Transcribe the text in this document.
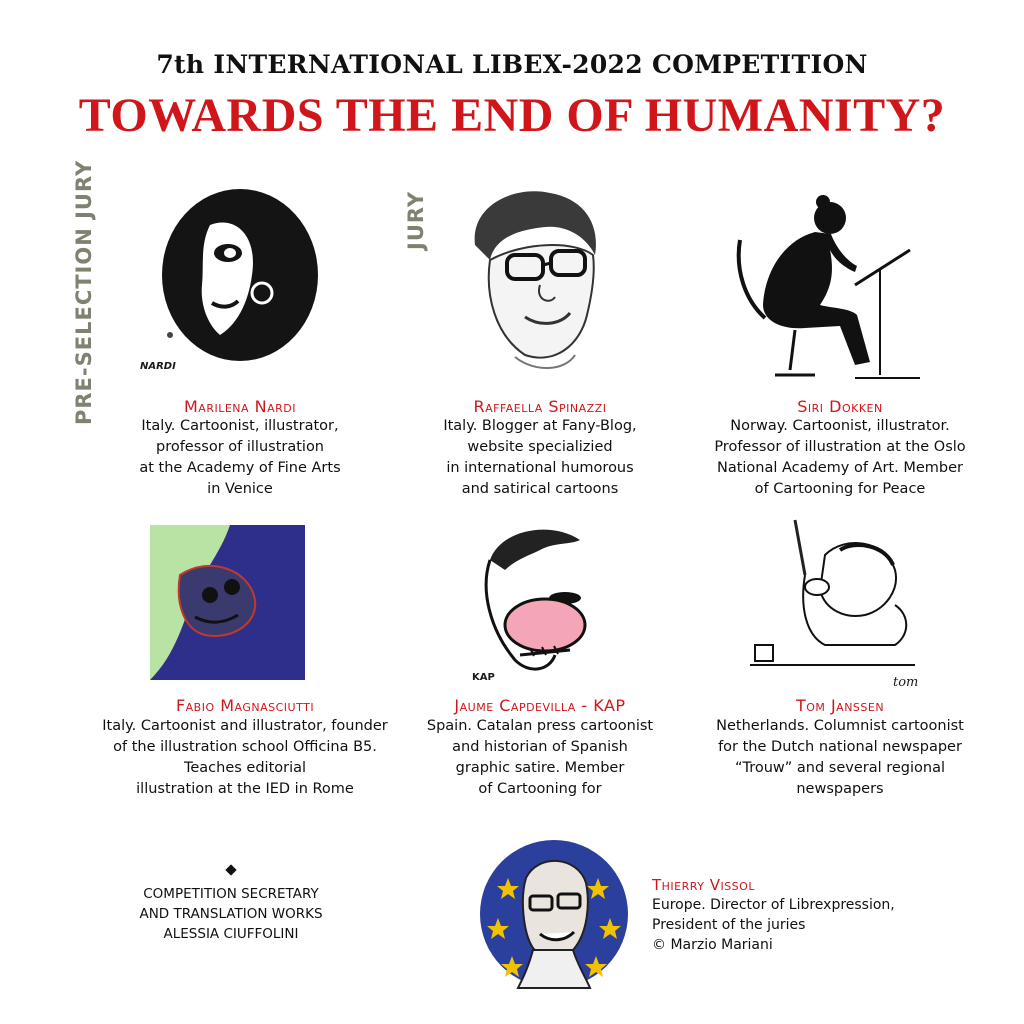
7th INTERNATIONAL LIBEX-2022 COMPETITION
TOWARDS THE END OF HUMANITY?
PRE-SELECTION JURY	JURY
NARDI
KAP	tom
Marilena Nardi
Italy. Cartoonist, illustrator,
professor of illustration
at the Academy of Fine Arts
in Venice
Raffaella Spinazzi
Italy. Blogger at Fany-Blog,
website specializied
in international humorous
and satirical cartoons
Siri Dokken
Norway. Cartoonist, illustrator.
Professor of illustration at the Oslo
National Academy of Art. Member
of Cartooning for Peace
Fabio Magnasciutti
Italy. Cartoonist and illustrator, founder
of the illustration school Officina B5.
Teaches editorial
illustration at the IED in Rome
Jaume Capdevilla - KAP
Spain. Catalan press cartoonist
and historian of Spanish
graphic satire. Member
of Cartooning for
Tom Janssen
Netherlands. Columnist cartoonist
for the Dutch national newspaper
“Trouw” and several regional
newspapers
COMPETITION SECRETARY
AND TRANSLATION WORKS
ALESSIA CIUFFOLINI
Thierry Vissol
Europe. Director of Librexpression,
President of the juries
© Marzio Mariani
